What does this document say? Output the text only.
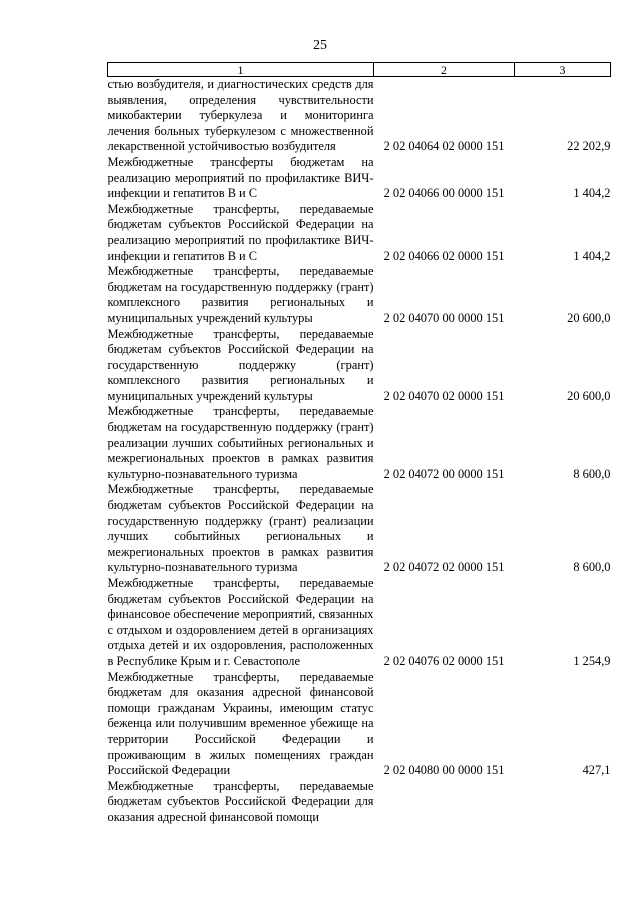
25
1	2	3
стью возбудителя, и диагностических средств для выявления, определения чувствительности микобактерии туберкулеза и мониторинга лечения больных туберкулезом с множественной лекарственной устойчивостью возбудителя	2 02 04064 02 0000 151	22 202,9
Межбюджетные трансферты бюджетам на реализацию мероприятий по профилактике ВИЧ-инфекции и гепатитов B и C	2 02 04066 00 0000 151	1 404,2
Межбюджетные трансферты, передаваемые бюджетам субъектов Российской Федерации на реализацию мероприятий по профилактике ВИЧ-инфекции и гепатитов B и C	2 02 04066 02 0000 151	1 404,2
Межбюджетные трансферты, передаваемые бюджетам на государственную поддержку (грант) комплексного развития региональных и муниципальных учреждений культуры	2 02 04070 00 0000 151	20 600,0
Межбюджетные трансферты, передаваемые бюджетам субъектов Российской Федерации на государственную поддержку (грант) комплексного развития региональных и муниципальных учреждений культуры	2 02 04070 02 0000 151	20 600,0
Межбюджетные трансферты, передаваемые бюджетам на государственную поддержку (грант) реализации лучших событийных региональных и межрегиональных проектов в рамках развития культурно-познавательного туризма	2 02 04072 00 0000 151	8 600,0
Межбюджетные трансферты, передаваемые бюджетам субъектов Российской Федерации на государственную поддержку (грант) реализации лучших событийных региональных и межрегиональных проектов в рамках развития культурно-познавательного туризма	2 02 04072 02 0000 151	8 600,0
Межбюджетные трансферты, передаваемые бюджетам субъектов Российской Федерации на финансовое обеспечение мероприятий, связанных с отдыхом и оздоровлением детей в организациях отдыха детей и их оздоровления, расположенных в Республике Крым и г. Севастополе	2 02 04076 02 0000 151	1 254,9
Межбюджетные трансферты, передаваемые бюджетам для оказания адресной финансовой помощи гражданам Украины, имеющим статус беженца или получившим временное убежище на территории Российской Федерации и проживающим в жилых помещениях граждан Российской Федерации	2 02 04080 00 0000 151	427,1
Межбюджетные трансферты, передаваемые бюджетам субъектов Российской Федерации для оказания адресной финансовой помощи		
